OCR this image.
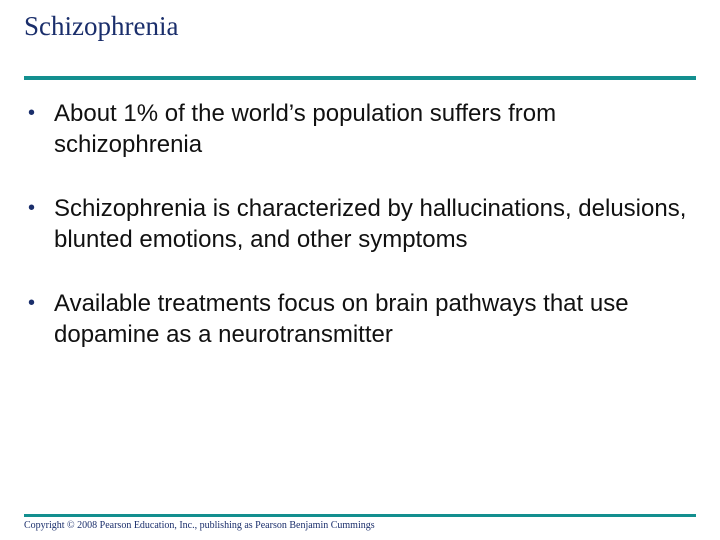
Schizophrenia
• About 1% of the world’s population suffers from schizophrenia
• Schizophrenia is characterized by hallucinations, delusions, blunted emotions, and other symptoms
• Available treatments focus on brain pathways that use dopamine as a neurotransmitter
Copyright © 2008 Pearson Education, Inc., publishing as Pearson Benjamin Cummings
